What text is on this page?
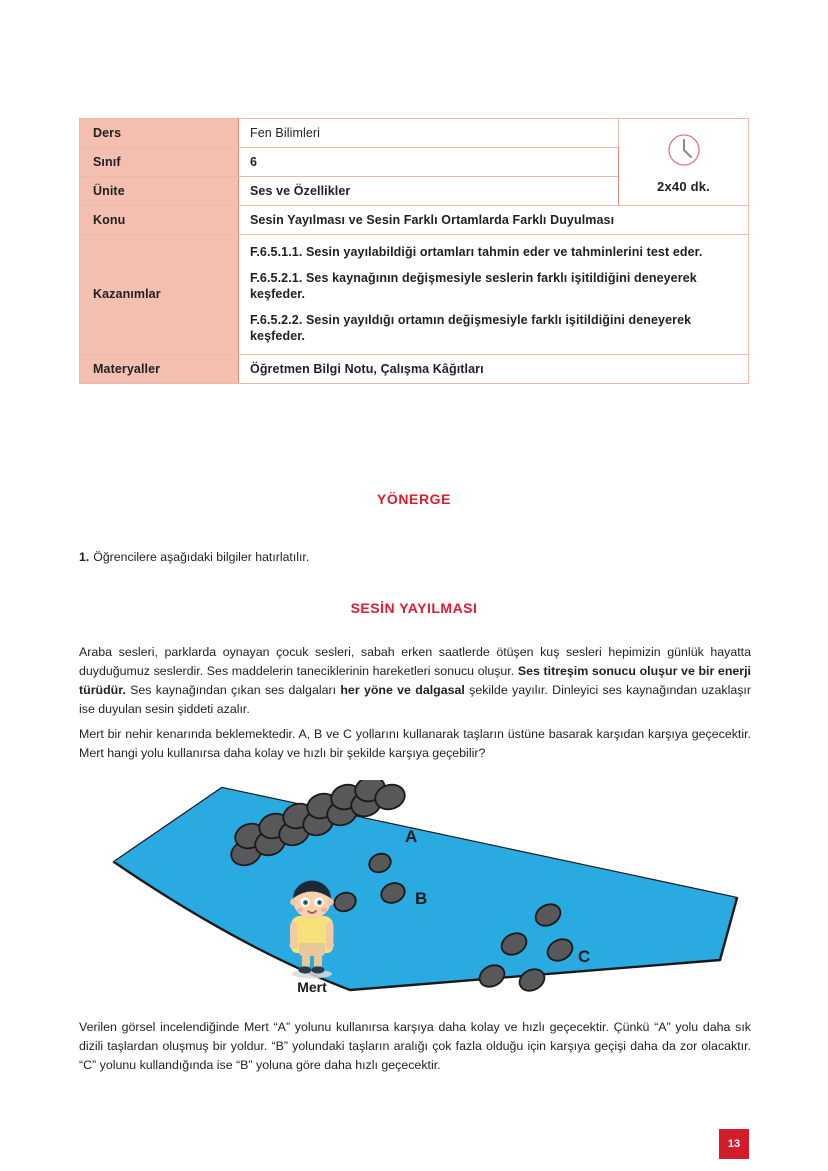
Ders	Fen Bilimleri	2x40 dk.
Sınıf	6	
Ünite	Ses ve Özellikler	
Konu	Sesin Yayılması ve Sesin Farklı Ortamlarda Farklı Duyulması	
Kazanımlar	F.6.5.1.1. Sesin yayılabildiği ortamları tahmin eder ve tahminlerini test eder.

F.6.5.2.1. Ses kaynağının değişmesiyle seslerin farklı işitildiğini deneyerek keşfeder.

F.6.5.2.2. Sesin yayıldığı ortamın değişmesiyle farklı işitildiğini deneyerek keşfeder.	

Materyaller	Öğretmen Bilgi Notu, Çalışma Kâğıtları	
YÖNERGE
1. Öğrencilere aşağıdaki bilgiler hatırlatılır.
SESİN YAYILMASI
Araba sesleri, parklarda oynayan çocuk sesleri, sabah erken saatlerde ötüşen kuş sesleri hepimizin günlük hayatta duyduğumuz seslerdir. Ses maddelerin taneciklerinin hareketleri sonucu oluşur. Ses titreşim sonucu oluşur ve bir enerji türüdür. Ses kaynağından çıkan ses dalgaları her yöne ve dalgasal şekilde yayılır. Dinleyici ses kaynağından uzaklaşır ise duyulan sesin şiddeti azalır.
Mert bir nehir kenarında beklemektedir. A, B ve C yollarını kullanarak taşların üstüne basarak karşıdan karşıya geçecektir. Mert hangi yolu kullanırsa daha kolay ve hızlı bir şekilde karşıya geçebilir?
A
B
C
Mert
Verilen görsel incelendiğinde Mert “A” yolunu kullanırsa karşıya daha kolay ve hızlı geçecektir. Çünkü “A” yolu daha sık dizili taşlardan oluşmuş bir yoldur. “B” yolundaki taşların aralığı çok fazla olduğu için karşıya geçişi daha da zor olacaktır. “C” yolunu kullandığında ise “B” yoluna göre daha hızlı geçecektir.
13
